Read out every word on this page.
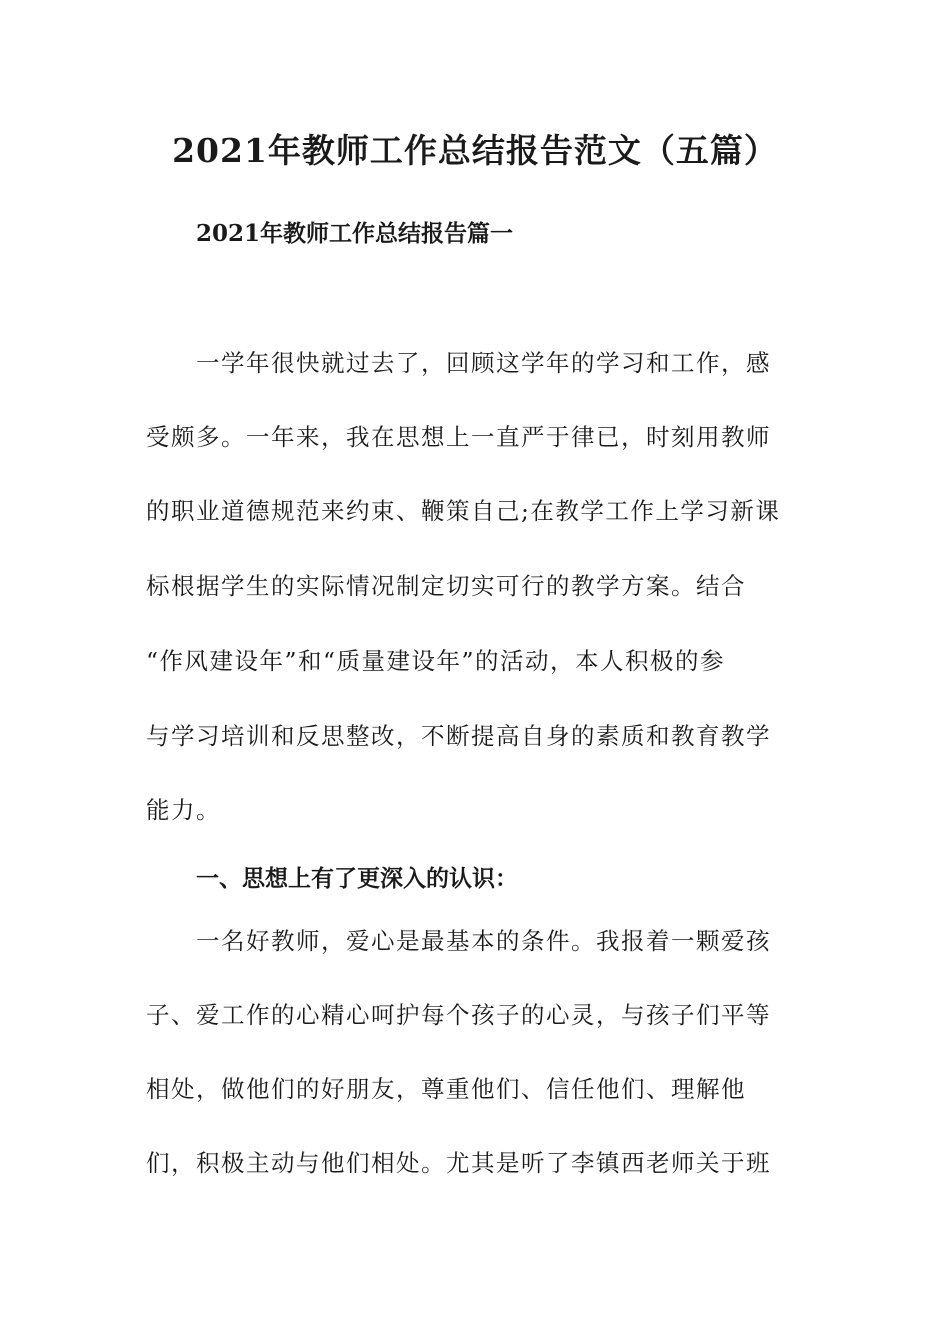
2021年教师工作总结报告范文（五篇）
2021年教师工作总结报告篇一
一学年很快就过去了，回顾这学年的学习和工作，感
受颇多。一年来，我在思想上一直严于律已，时刻用教师
的职业道德规范来约束、鞭策自己;在教学工作上学习新课
标根据学生的实际情况制定切实可行的教学方案。结合
“作风建设年”和“质量建设年”的活动，本人积极的参
与学习培训和反思整改，不断提高自身的素质和教育教学
能力。
一、思想上有了更深入的认识：
一名好教师，爱心是最基本的条件。我报着一颗爱孩
子、爱工作的心精心呵护每个孩子的心灵，与孩子们平等
相处，做他们的好朋友，尊重他们、信任他们、理解他
们，积极主动与他们相处。尤其是听了李镇西老师关于班
